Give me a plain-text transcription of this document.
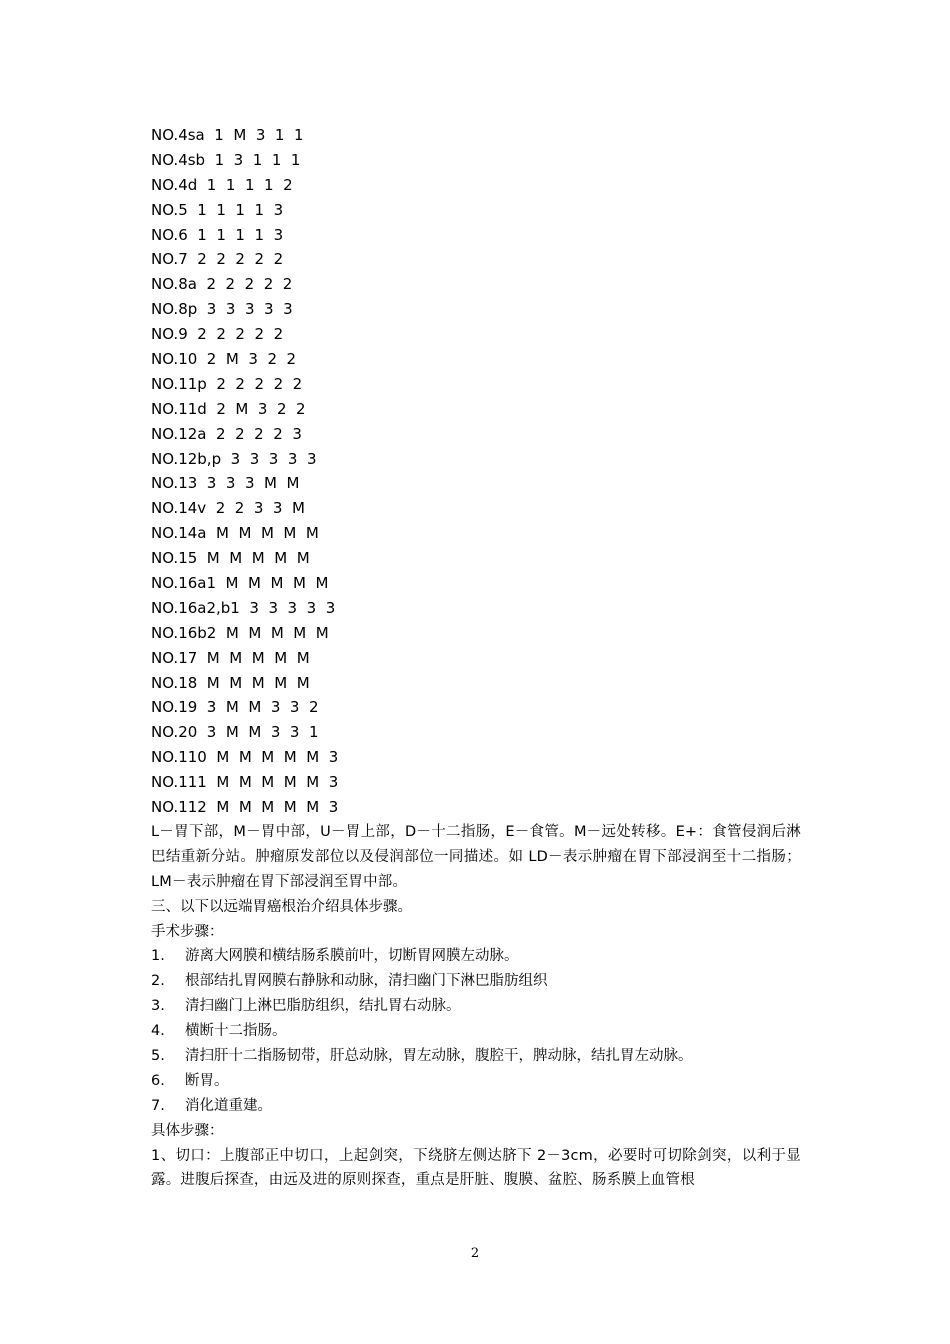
NO.4sa  1  M  3  1  1
NO.4sb  1  3  1  1  1
NO.4d  1  1  1  1  2
NO.5  1  1  1  1  3
NO.6  1  1  1  1  3
NO.7  2  2  2  2  2
NO.8a  2  2  2  2  2
NO.8p  3  3  3  3  3
NO.9  2  2  2  2  2
NO.10  2  M  3  2  2
NO.11p  2  2  2  2  2
NO.11d  2  M  3  2  2
NO.12a  2  2  2  2  3
NO.12b,p  3  3  3  3  3
NO.13  3  3  3  M  M
NO.14v  2  2  3  3  M
NO.14a  M  M  M  M  M
NO.15  M  M  M  M  M
NO.16a1  M  M  M  M  M
NO.16a2,b1  3  3  3  3  3
NO.16b2  M  M  M  M  M
NO.17  M  M  M  M  M
NO.18  M  M  M  M  M
NO.19  3  M  M  3  3  2
NO.20  3  M  M  3  3  1
NO.110  M  M  M  M  M  3
NO.111  M  M  M  M  M  3
NO.112  M  M  M  M  M  3
L－胃下部，M－胃中部，U－胃上部，D－十二指肠，E－食管。M－远处转移。E+：食管侵润后淋巴结重新分站。肿瘤原发部位以及侵润部位一同描述。如 LD－表示肿瘤在胃下部浸润至十二指肠；LM－表示肿瘤在胃下部浸润至胃中部。
三、以下以远端胃癌根治介绍具体步骤。
手术步骤：
1. 游离大网膜和横结肠系膜前叶，切断胃网膜左动脉。
2. 根部结扎胃网膜右静脉和动脉，清扫幽门下淋巴脂肪组织
3. 清扫幽门上淋巴脂肪组织，结扎胃右动脉。
4. 横断十二指肠。
5. 清扫肝十二指肠韧带，肝总动脉，胃左动脉，腹腔干，脾动脉，结扎胃左动脉。
6. 断胃。
7. 消化道重建。
具体步骤：
1、切口：上腹部正中切口，上起剑突，下绕脐左侧达脐下 2－3cm，必要时可切除剑突，以利于显露。进腹后探查，由远及进的原则探查，重点是肝脏、腹膜、盆腔、肠系膜上血管根
2
